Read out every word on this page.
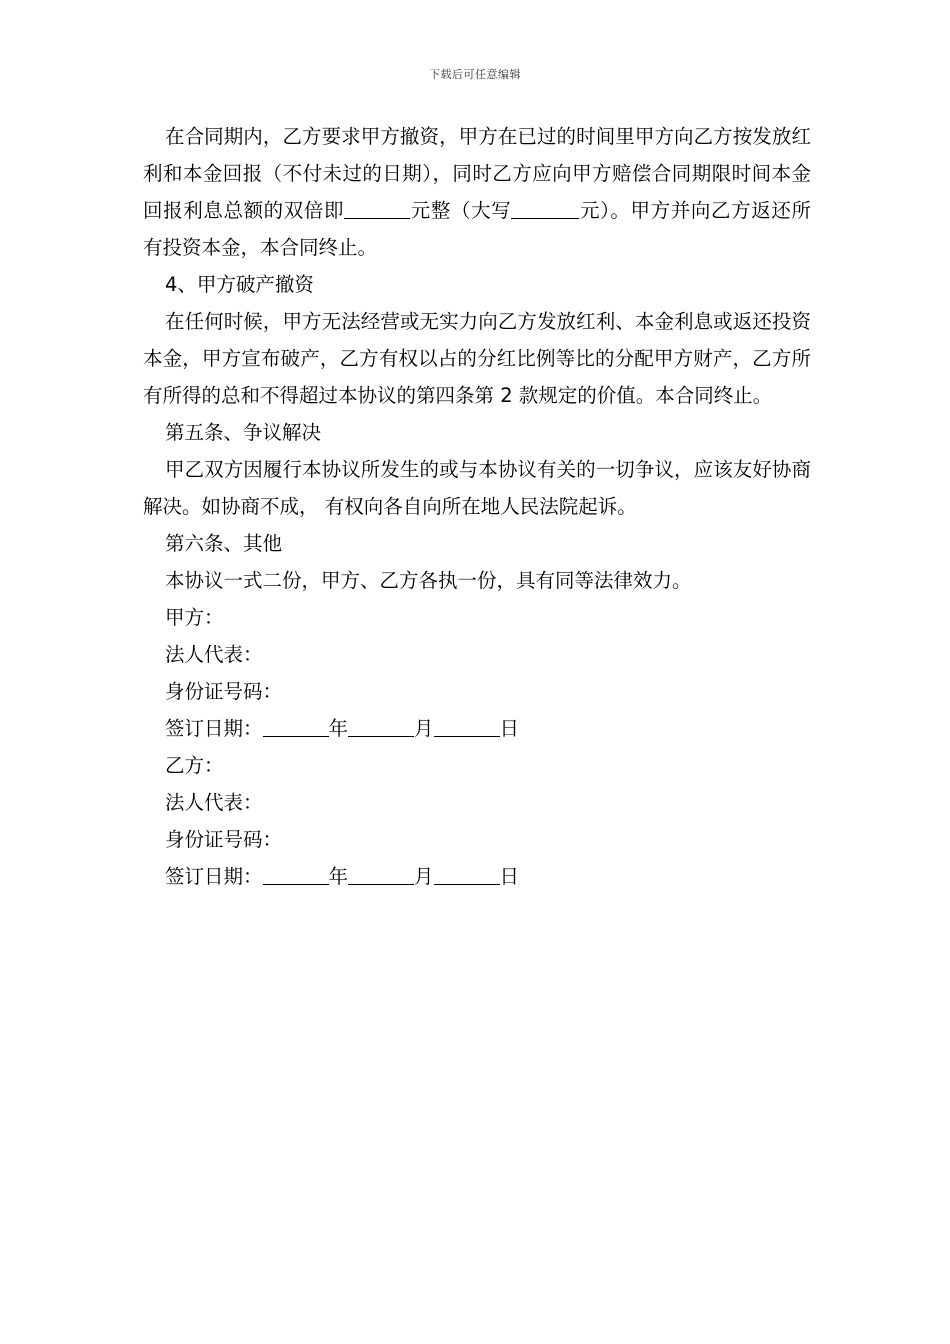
下载后可任意编辑

在合同期内，乙方要求甲方撤资，甲方在已过的时间里甲方向乙方按发放红利和本金回报（不付未过的日期），同时乙方应向甲方赔偿合同期限时间本金回报利息总额的双倍即	元整（大写	元）。甲方并向乙方返还所有投资本金，本合同终止。

4、甲方破产撤资

在任何时候，甲方无法经营或无实力向乙方发放红利、本金利息或返还投资本金，甲方宣布破产，乙方有权以占的分红比例等比的分配甲方财产，乙方所有所得的总和不得超过本协议的第四条第 2 款规定的价值。本合同终止。

第五条、争议解决

甲乙双方因履行本协议所发生的或与本协议有关的一切争议，应该友好协商解决。如协商不成， 有权向各自向所在地人民法院起诉。

第六条、其他

本协议一式二份，甲方、乙方各执一份，具有同等法律效力。

甲方：

法人代表：

身份证号码：

签订日期：	年	月	日

乙方：

法人代表：

身份证号码：

签订日期：	年	月	日
